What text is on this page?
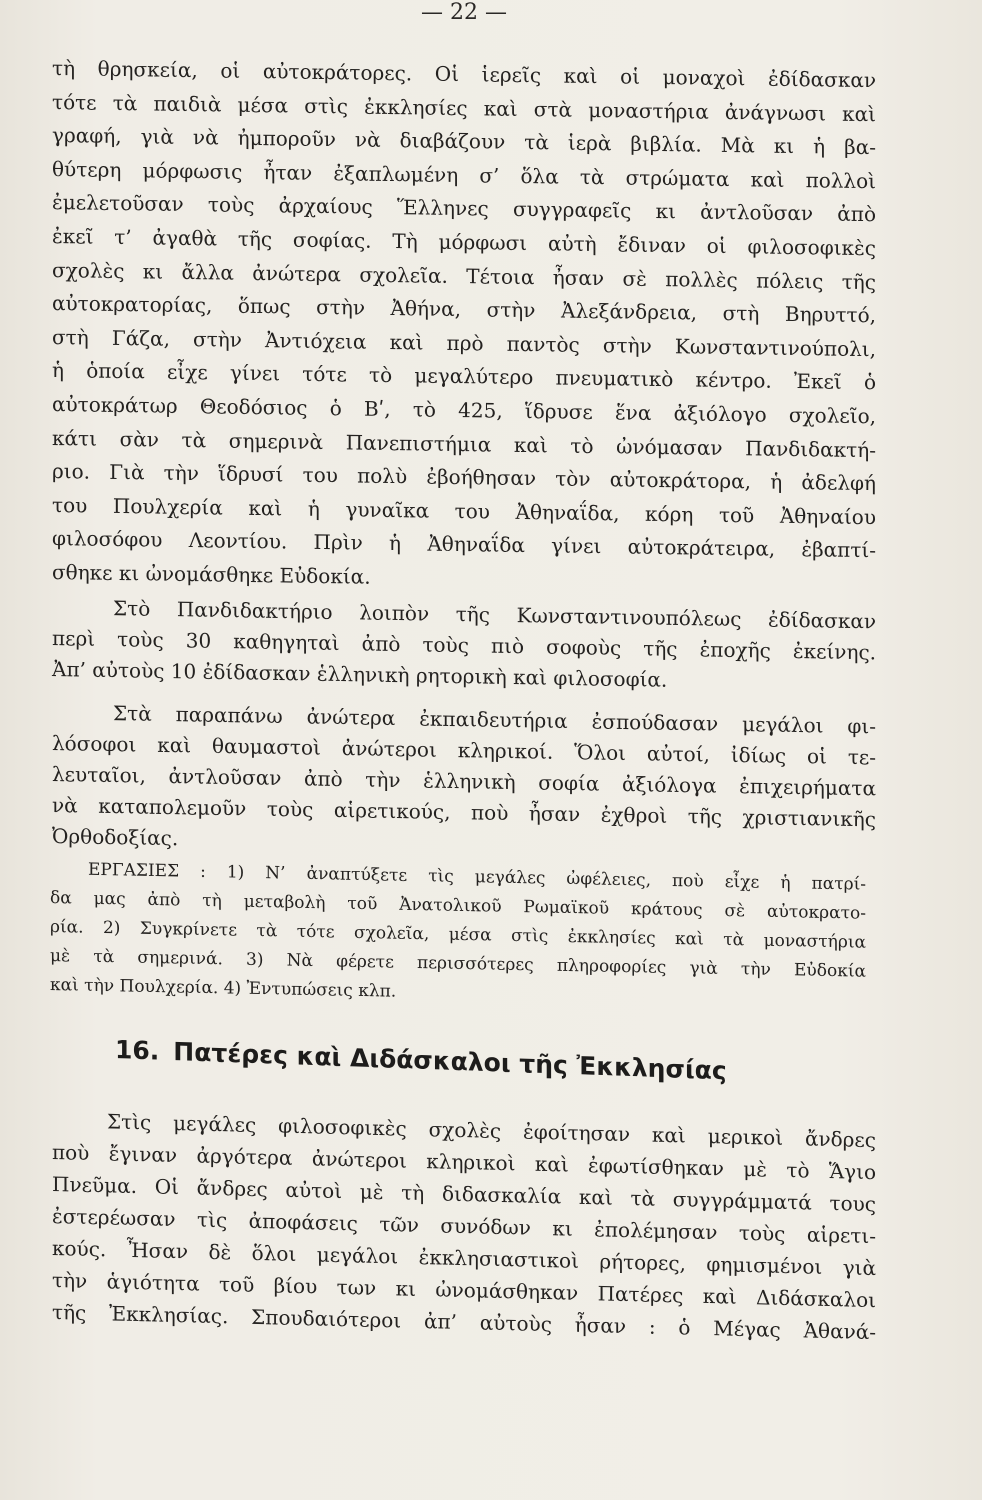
— 22 —
τὴ θρησκεία, οἱ αὐτοκράτορες. Οἱ ἱερεῖς καὶ οἱ μοναχοὶ ἐδίδασκαν
τότε τὰ παιδιὰ μέσα στὶς ἐκκλησίες καὶ στὰ μοναστήρια ἀνάγνωσι καὶ
γραφή, γιὰ νὰ ἠμποροῦν νὰ διαβάζουν τὰ ἱερὰ βιβλία. Μὰ κι ἡ βα-
θύτερη μόρφωσις ἦταν ἐξαπλωμένη σ’ ὅλα τὰ στρώματα καὶ πολλοὶ
ἐμελετοῦσαν τοὺς ἀρχαίους Ἕλληνες συγγραφεῖς κι ἀντλοῦσαν ἀπὸ
ἐκεῖ τ’ ἀγαθὰ τῆς σοφίας. Τὴ μόρφωσι αὐτὴ ἔδιναν οἱ φιλοσοφικὲς
σχολὲς κι ἄλλα ἀνώτερα σχολεῖα. Τέτοια ἦσαν σὲ πολλὲς πόλεις τῆς
αὐτοκρατορίας, ὅπως στὴν Ἀθήνα, στὴν Ἀλεξάνδρεια, στὴ Βηρυττό,
στὴ Γάζα, στὴν Ἀντιόχεια καὶ πρὸ παντὸς στὴν Κωνσταντινούπολι,
ἡ ὁποία εἶχε γίνει τότε τὸ μεγαλύτερο πνευματικὸ κέντρο. Ἐκεῖ ὁ
αὐτοκράτωρ Θεοδόσιος ὁ Βʹ, τὸ 425, ἵδρυσε ἕνα ἀξιόλογο σχολεῖο,
κάτι σὰν τὰ σημερινὰ Πανεπιστήμια καὶ τὸ ὠνόμασαν Πανδιδακτή-
ριο. Γιὰ τὴν ἵδρυσί του πολὺ ἐβοήθησαν τὸν αὐτοκράτορα, ἡ ἀδελφή
του Πουλχερία καὶ ἡ γυναῖκα του Ἀθηναΐδα, κόρη τοῦ Ἀθηναίου
φιλοσόφου Λεοντίου. Πρὶν ἡ Ἀθηναΐδα γίνει αὐτοκράτειρα, ἐβαπτί-
σθηκε κι ὠνομάσθηκε Εὐδοκία.
Στὸ Πανδιδακτήριο λοιπὸν τῆς Κωνσταντινουπόλεως ἐδίδασκαν
περὶ τοὺς 30 καθηγηταὶ ἀπὸ τοὺς πιὸ σοφοὺς τῆς ἐποχῆς ἐκείνης.
Ἀπ’ αὐτοὺς 10 ἐδίδασκαν ἑλληνικὴ ρητορικὴ καὶ φιλοσοφία.
Στὰ παραπάνω ἀνώτερα ἐκπαιδευτήρια ἐσπούδασαν μεγάλοι φι-
λόσοφοι καὶ θαυμαστοὶ ἀνώτεροι κληρικοί. Ὅλοι αὐτοί, ἰδίως οἱ τε-
λευταῖοι, ἀντλοῦσαν ἀπὸ τὴν ἑλληνικὴ σοφία ἀξιόλογα ἐπιχειρήματα
νὰ καταπολεμοῦν τοὺς αἱρετικούς, ποὺ ἦσαν ἐχθροὶ τῆς χριστιανικῆς
Ὀρθοδοξίας.
ΕΡΓΑΣΙΕΣ : 1) Ν’ ἀναπτύξετε τὶς μεγάλες ὠφέλειες, ποὺ εἶχε ἡ πατρί-
δα μας ἀπὸ τὴ μεταβολὴ τοῦ Ἀνατολικοῦ Ρωμαϊκοῦ κράτους σὲ αὐτοκρατο-
ρία. 2) Συγκρίνετε τὰ τότε σχολεῖα, μέσα στὶς ἐκκλησίες καὶ τὰ μοναστήρια
μὲ τὰ σημερινά. 3) Νὰ φέρετε περισσότερες πληροφορίες γιὰ τὴν Εὐδοκία
καὶ τὴν Πουλχερία. 4) Ἐντυπώσεις κλπ.
16. Πατέρες καὶ Διδάσκαλοι τῆς Ἐκκλησίας
Στὶς μεγάλες φιλοσοφικὲς σχολὲς ἐφοίτησαν καὶ μερικοὶ ἄνδρες
ποὺ ἔγιναν ἀργότερα ἀνώτεροι κληρικοὶ καὶ ἐφωτίσθηκαν μὲ τὸ Ἅγιο
Πνεῦμα. Οἱ ἄνδρες αὐτοὶ μὲ τὴ διδασκαλία καὶ τὰ συγγράμματά τους
ἐστερέωσαν τὶς ἀποφάσεις τῶν συνόδων κι ἐπολέμησαν τοὺς αἱρετι-
κούς. Ἦσαν δὲ ὅλοι μεγάλοι ἐκκλησιαστικοὶ ρήτορες, φημισμένοι γιὰ
τὴν ἁγιότητα τοῦ βίου των κι ὠνομάσθηκαν Πατέρες καὶ Διδάσκαλοι
τῆς Ἐκκλησίας. Σπουδαιότεροι ἀπ’ αὐτοὺς ἦσαν : ὁ Μέγας Ἀθανά-
